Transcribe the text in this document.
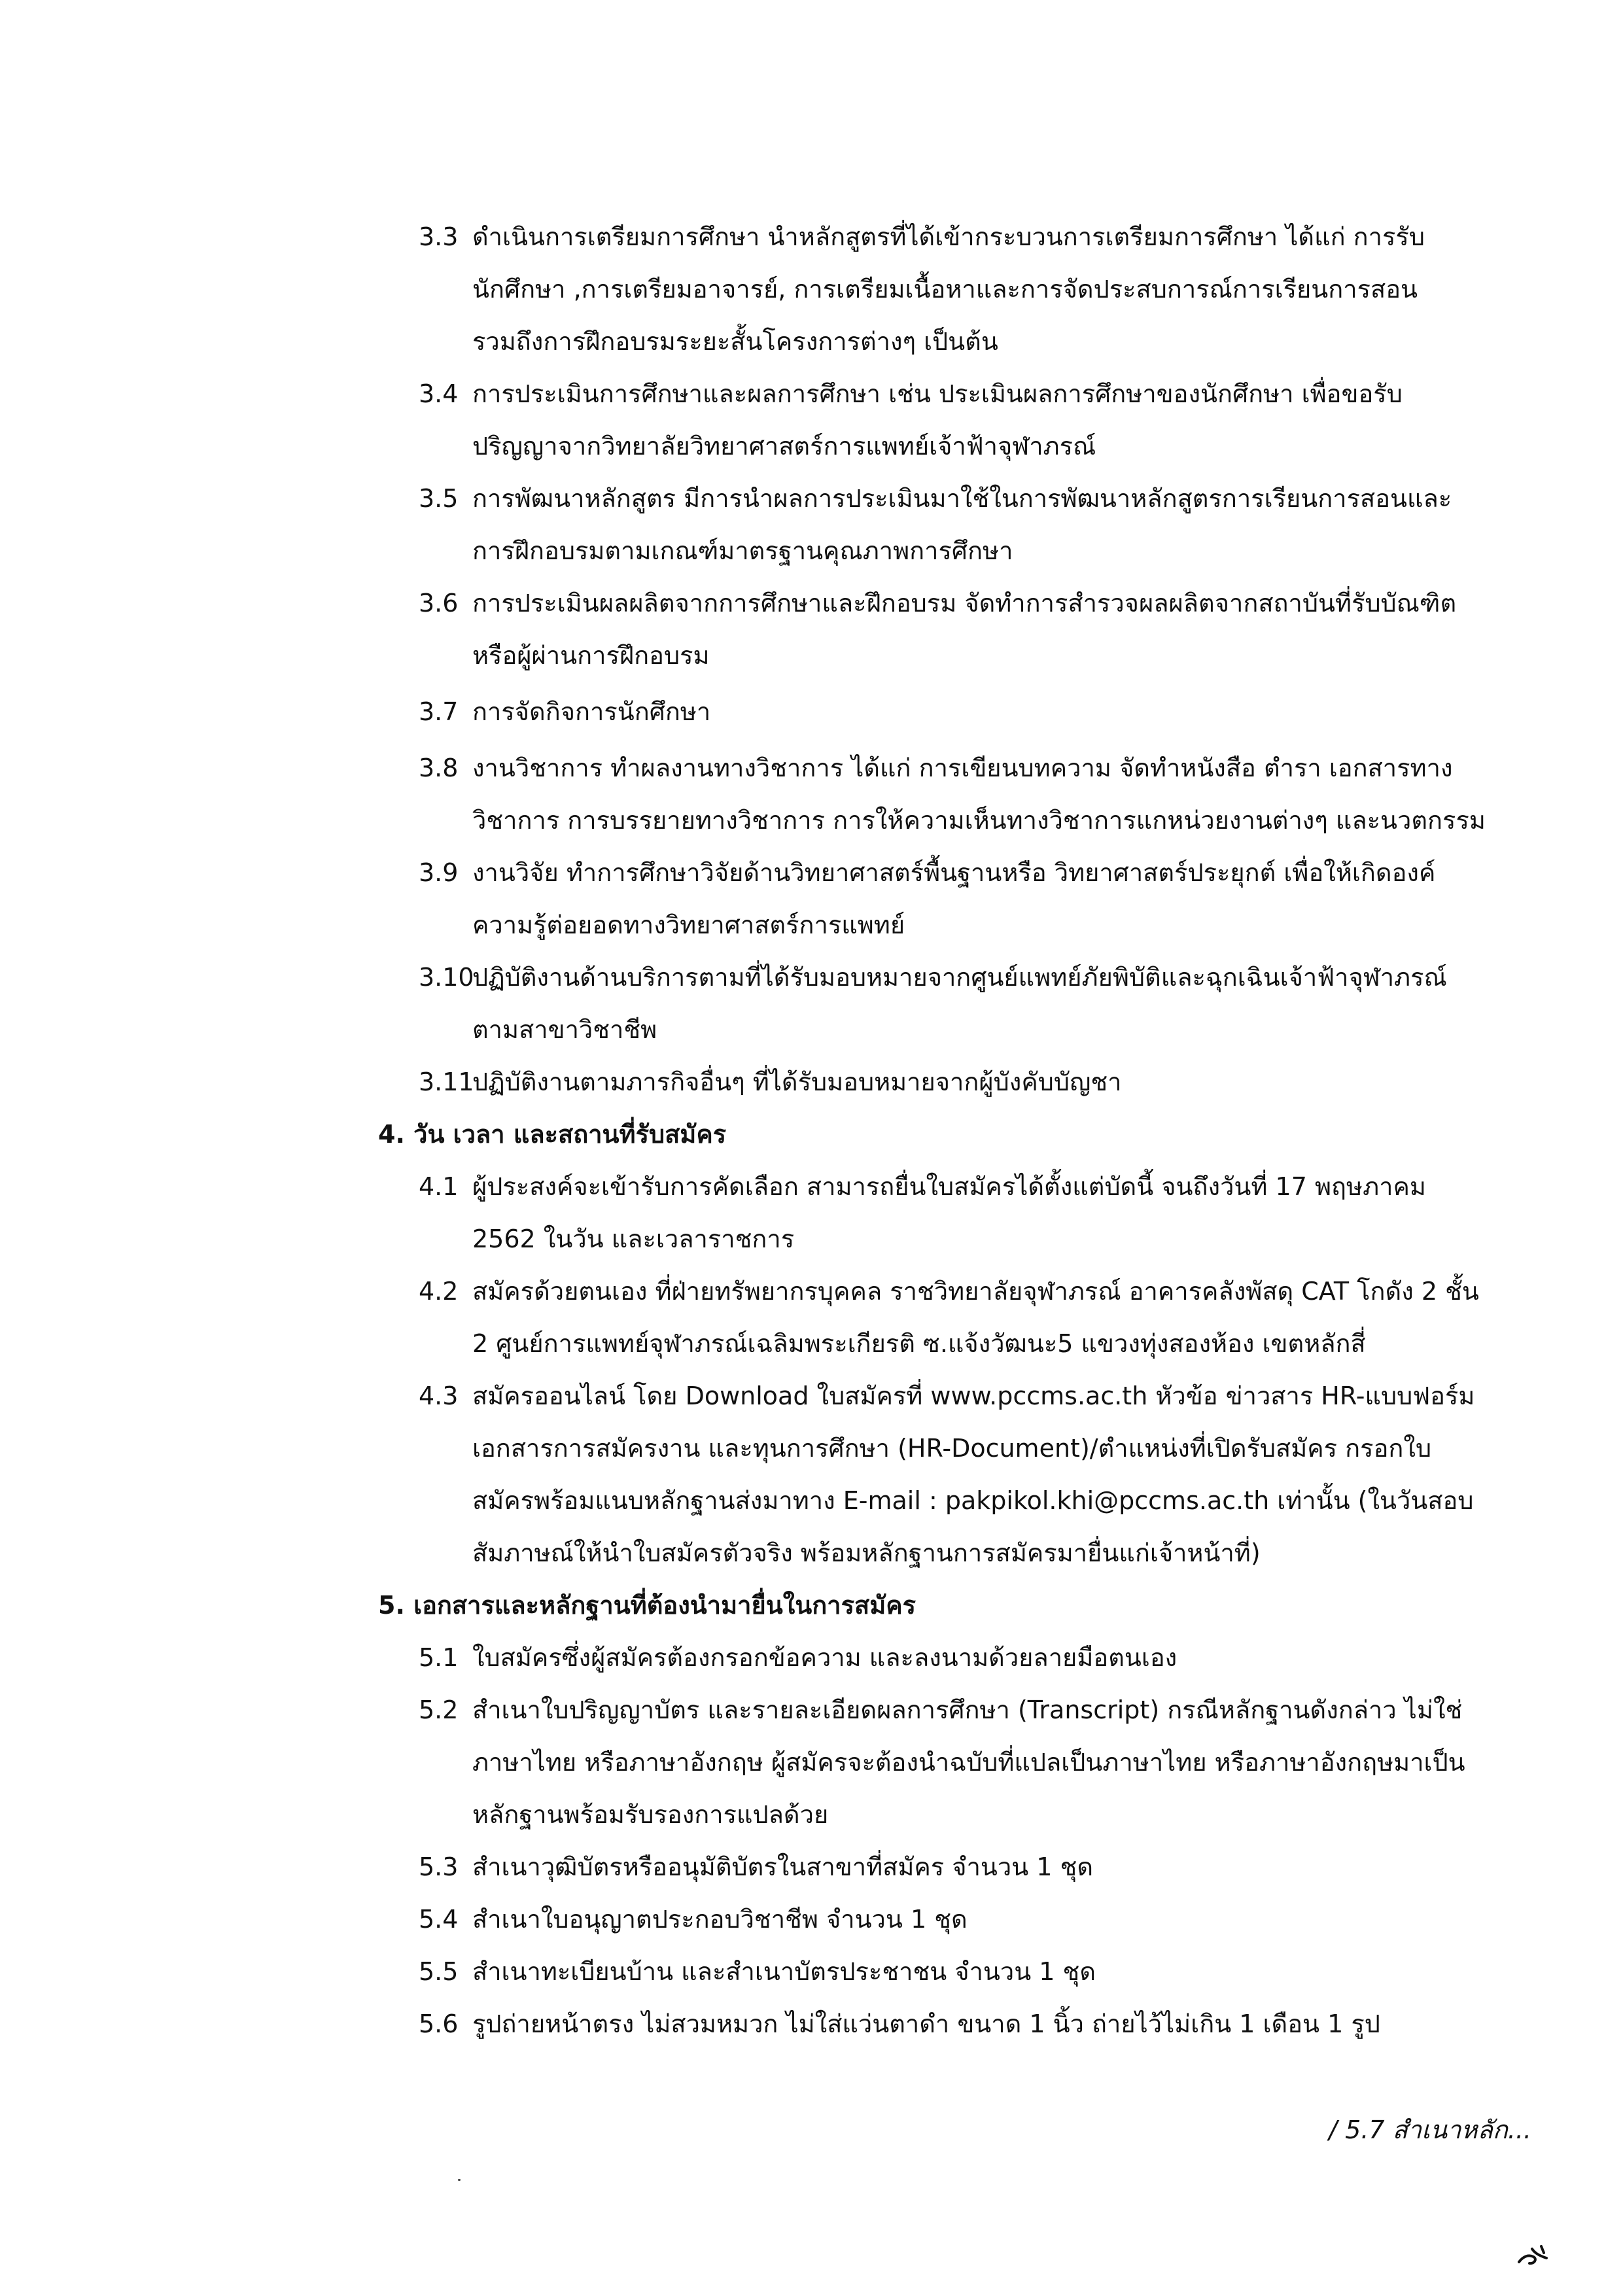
3.3 ดำเนินการเตรียมการศึกษา นำหลักสูตรที่ได้เข้ากระบวนการเตรียมการศึกษา ได้แก่ การรับ
นักศึกษา ,การเตรียมอาจารย์, การเตรียมเนื้อหาและการจัดประสบการณ์การเรียนการสอน
รวมถึงการฝึกอบรมระยะสั้นโครงการต่างๆ เป็นต้น
3.4 การประเมินการศึกษาและผลการศึกษา เช่น ประเมินผลการศึกษาของนักศึกษา เพื่อขอรับ
ปริญญาจากวิทยาลัยวิทยาศาสตร์การแพทย์เจ้าฟ้าจุฬาภรณ์
3.5 การพัฒนาหลักสูตร มีการนำผลการประเมินมาใช้ในการพัฒนาหลักสูตรการเรียนการสอนและ
การฝึกอบรมตามเกณฑ์มาตรฐานคุณภาพการศึกษา
3.6 การประเมินผลผลิตจากการศึกษาและฝึกอบรม จัดทำการสำรวจผลผลิตจากสถาบันที่รับบัณฑิต
หรือผู้ผ่านการฝึกอบรม
3.7 การจัดกิจการนักศึกษา
3.8 งานวิชาการ ทำผลงานทางวิชาการ ได้แก่ การเขียนบทความ จัดทำหนังสือ ตำรา เอกสารทาง
วิชาการ การบรรยายทางวิชาการ การให้ความเห็นทางวิชาการแกหน่วยงานต่างๆ และนวตกรรม
3.9 งานวิจัย ทำการศึกษาวิจัยด้านวิทยาศาสตร์พื้นฐานหรือ วิทยาศาสตร์ประยุกต์ เพื่อให้เกิดองค์
ความรู้ต่อยอดทางวิทยาศาสตร์การแพทย์
3.10
ปฏิบัติงานด้านบริการตามที่ได้รับมอบหมายจากศูนย์แพทย์ภัยพิบัติและฉุกเฉินเจ้าฟ้าจุฬาภรณ์
ตามสาขาวิชาชีพ
3.11
ปฏิบัติงานตามภารกิจอื่นๆ ที่ได้รับมอบหมายจากผู้บังคับบัญชา
4. วัน เวลา และสถานที่รับสมัคร
4.1 ผู้ประสงค์จะเข้ารับการคัดเลือก สามารถยื่นใบสมัครได้ตั้งแต่บัดนี้ จนถึงวันที่ 17 พฤษภาคม
2562 ในวัน และเวลาราชการ
4.2 สมัครด้วยตนเอง ที่ฝ่ายทรัพยากรบุคคล ราชวิทยาลัยจุฬาภรณ์ อาคารคลังพัสดุ CAT โกดัง 2 ชั้น
2 ศูนย์การแพทย์จุฬาภรณ์เฉลิมพระเกียรติ ซ.แจ้งวัฒนะ5 แขวงทุ่งสองห้อง เขตหลักสี่
4.3 สมัครออนไลน์ โดย Download ใบสมัครที่ www.pccms.ac.th หัวข้อ ข่าวสาร HR-แบบฟอร์ม
เอกสารการสมัครงาน และทุนการศึกษา (HR-Document)/ตำแหน่งที่เปิดรับสมัคร กรอกใบ
สมัครพร้อมแนบหลักฐานส่งมาทาง E-mail : pakpikol.khi@pccms.ac.th เท่านั้น (ในวันสอบ
สัมภาษณ์ให้นำใบสมัครตัวจริง พร้อมหลักฐานการสมัครมายื่นแก่เจ้าหน้าที่)
5. เอกสารและหลักฐานที่ต้องนำมายื่นในการสมัคร
5.1 ใบสมัครซึ่งผู้สมัครต้องกรอกข้อความ และลงนามด้วยลายมือตนเอง
5.2 สำเนาใบปริญญาบัตร และรายละเอียดผลการศึกษา (Transcript) กรณีหลักฐานดังกล่าว ไม่ใช่
ภาษาไทย หรือภาษาอังกฤษ ผู้สมัครจะต้องนำฉบับที่แปลเป็นภาษาไทย หรือภาษาอังกฤษมาเป็น
หลักฐานพร้อมรับรองการแปลด้วย
5.3 สำเนาวุฒิบัตรหรืออนุมัติบัตรในสาขาที่สมัคร จำนวน 1 ชุด
5.4 สำเนาใบอนุญาตประกอบวิชาชีพ จำนวน 1 ชุด
5.5 สำเนาทะเบียนบ้าน และสำเนาบัตรประชาชน จำนวน 1 ชุด
5.6 รูปถ่ายหน้าตรง ไม่สวมหมวก ไม่ใส่แว่นตาดำ ขนาด 1 นิ้ว ถ่ายไว้ไม่เกิน 1 เดือน 1 รูป
/ 5.7 สำเนาหลัก...
